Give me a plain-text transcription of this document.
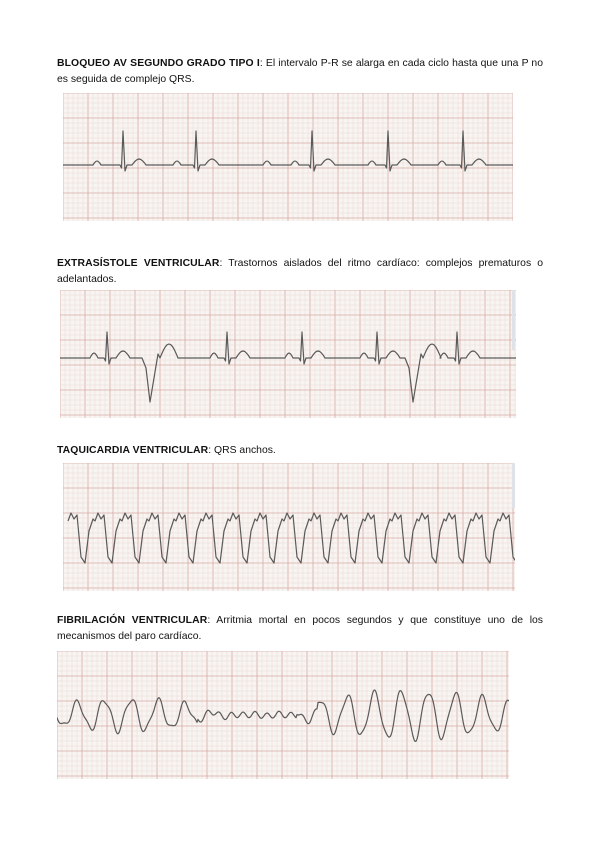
BLOQUEO AV SEGUNDO GRADO TIPO I: El intervalo P-R se alarga en cada ciclo hasta que una P no es seguida de complejo QRS.

EXTRASÍSTOLE VENTRICULAR: Trastornos aislados del ritmo cardíaco: complejos prematuros o adelantados.

TAQUICARDIA VENTRICULAR: QRS anchos.

FIBRILACIÓN VENTRICULAR: Arritmia mortal en pocos segundos y que constituye uno de los mecanismos del paro cardíaco.
